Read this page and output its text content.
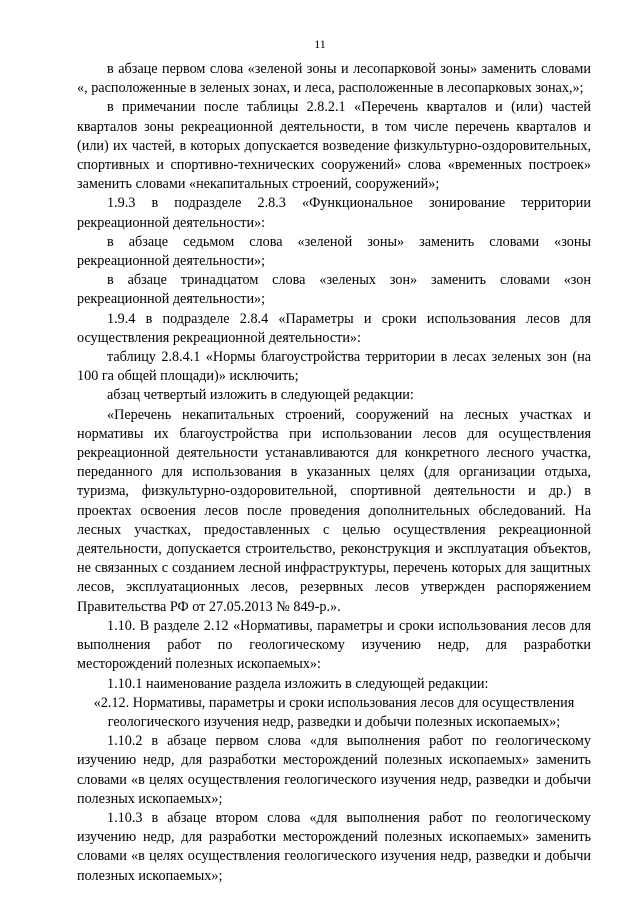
11

в абзаце первом слова «зеленой зоны и лесопарковой зоны» заменить словами «, расположенные в зеленых зонах, и леса, расположенные в лесопарковых зонах,»;

в примечании после таблицы 2.8.2.1 «Перечень кварталов и (или) частей кварталов зоны рекреационной деятельности, в том числе перечень кварталов и (или) их частей, в которых допускается возведение физкультурно-оздоровительных, спортивных и спортивно-технических сооружений» слова «временных построек» заменить словами «некапитальных строений, сооружений»;

1.9.3 в подразделе 2.8.3 «Функциональное зонирование территории рекреационной деятельности»:

в абзаце седьмом слова «зеленой зоны» заменить словами «зоны рекреационной деятельности»;

в абзаце тринадцатом слова «зеленых зон» заменить словами «зон рекреационной деятельности»;

1.9.4 в подразделе 2.8.4 «Параметры и сроки использования лесов для осуществления рекреационной деятельности»:

таблицу 2.8.4.1 «Нормы благоустройства территории в лесах зеленых зон (на 100 га общей площади)» исключить;

абзац четвертый изложить в следующей редакции:

«Перечень некапитальных строений, сооружений на лесных участках и нормативы их благоустройства при использовании лесов для осуществления рекреационной деятельности устанавливаются для конкретного лесного участка, переданного для использования в указанных целях (для организации отдыха, туризма, физкультурно-оздоровительной, спортивной деятельности и др.) в проектах освоения лесов после проведения дополнительных обследований. На лесных участках, предоставленных с целью осуществления рекреационной деятельности, допускается строительство, реконструкция и эксплуатация объектов, не связанных с созданием лесной инфраструктуры, перечень которых для защитных лесов, эксплуатационных лесов, резервных лесов утвержден распоряжением Правительства РФ от 27.05.2013 № 849-р.».

1.10. В разделе 2.12 «Нормативы, параметры и сроки использования лесов для выполнения работ по геологическому изучению недр, для разработки месторождений полезных ископаемых»:

1.10.1 наименование раздела изложить в следующей редакции:

«2.12. Нормативы, параметры и сроки использования лесов для осуществления геологического изучения недр, разведки и добычи полезных ископаемых»;

1.10.2 в абзаце первом слова «для выполнения работ по геологическому изучению недр, для разработки месторождений полезных ископаемых» заменить словами «в целях осуществления геологического изучения недр, разведки и добычи полезных ископаемых»;

1.10.3 в абзаце втором слова «для выполнения работ по геологическому изучению недр, для разработки месторождений полезных ископаемых» заменить словами «в целях осуществления геологического изучения недр, разведки и добычи полезных ископаемых»;
